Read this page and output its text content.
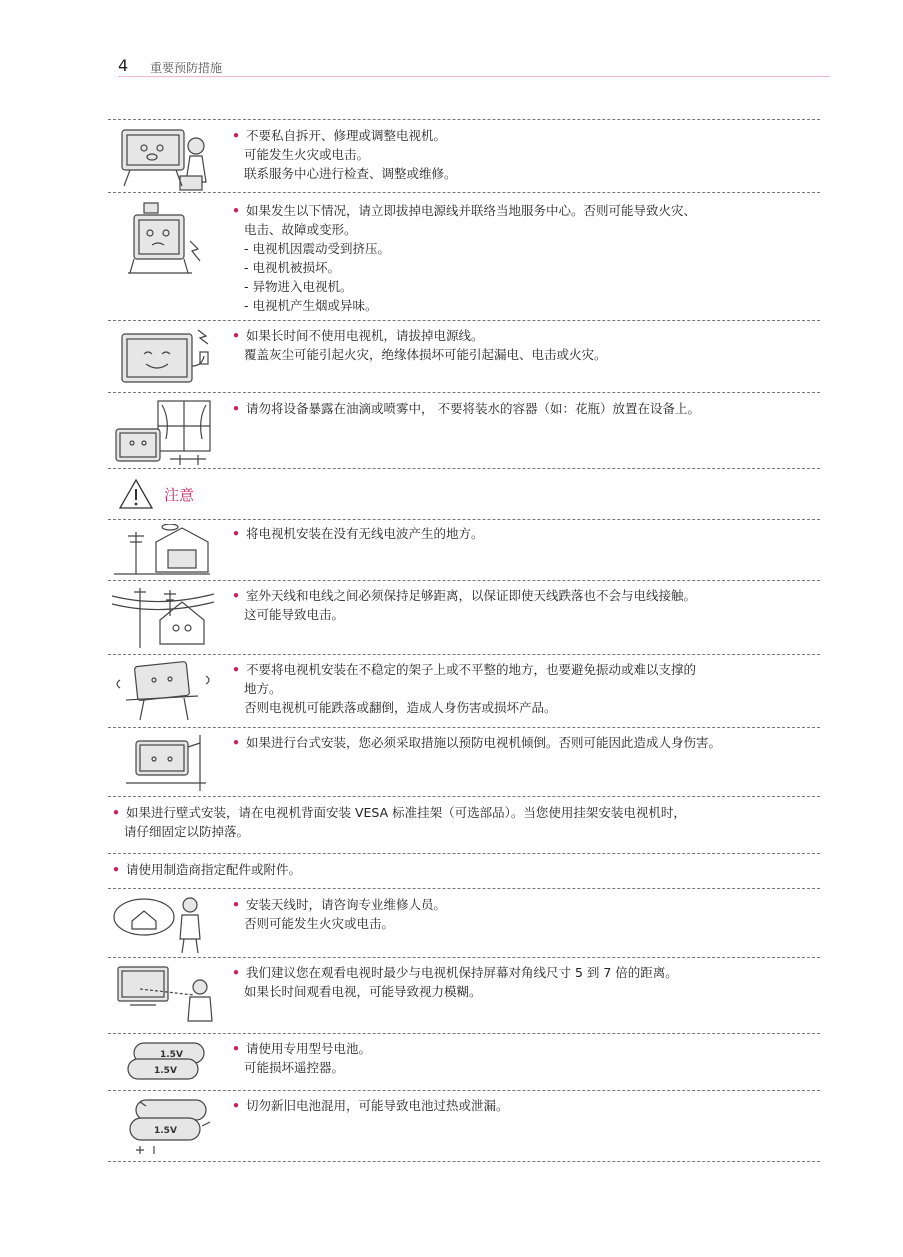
4 重要预防措施
• 不要私自拆开、修理或调整电视机。
可能发生火灾或电击。
联系服务中心进行检查、调整或维修。
• 如果发生以下情况，请立即拔掉电源线并联络当地服务中心。否则可能导致火灾、
电击、故障或变形。
- 电视机因震动受到挤压。
- 电视机被损坏。
- 异物进入电视机。
- 电视机产生烟或异味。
• 如果长时间不使用电视机，请拔掉电源线。
覆盖灰尘可能引起火灾，绝缘体损坏可能引起漏电、电击或火灾。
• 请勿将设备暴露在油滴或喷雾中， 不要将装水的容器（如：花瓶）放置在设备上。
注意
• 将电视机安装在没有无线电波产生的地方。
• 室外天线和电线之间必须保持足够距离，以保证即使天线跌落也不会与电线接触。
这可能导致电击。
• 不要将电视机安装在不稳定的架子上或不平整的地方，也要避免振动或难以支撑的
地方。
否则电视机可能跌落或翻倒，造成人身伤害或损坏产品。
• 如果进行台式安装，您必须采取措施以预防电视机倾倒。否则可能因此造成人身伤害。
• 如果进行壁式安装，请在电视机背面安装 VESA 标准挂架（可选部品）。当您使用挂架安装电视机时，
请仔细固定以防掉落。
• 请使用制造商指定配件或附件。
• 安装天线时，请咨询专业维修人员。
否则可能发生火灾或电击。
• 我们建议您在观看电视时最少与电视机保持屏幕对角线尺寸 5 到 7 倍的距离。
如果长时间观看电视，可能导致视力模糊。
1.5V
1.5V
• 请使用专用型号电池。
可能损坏遥控器。
1.5V
• 切勿新旧电池混用，可能导致电池过热或泄漏。
